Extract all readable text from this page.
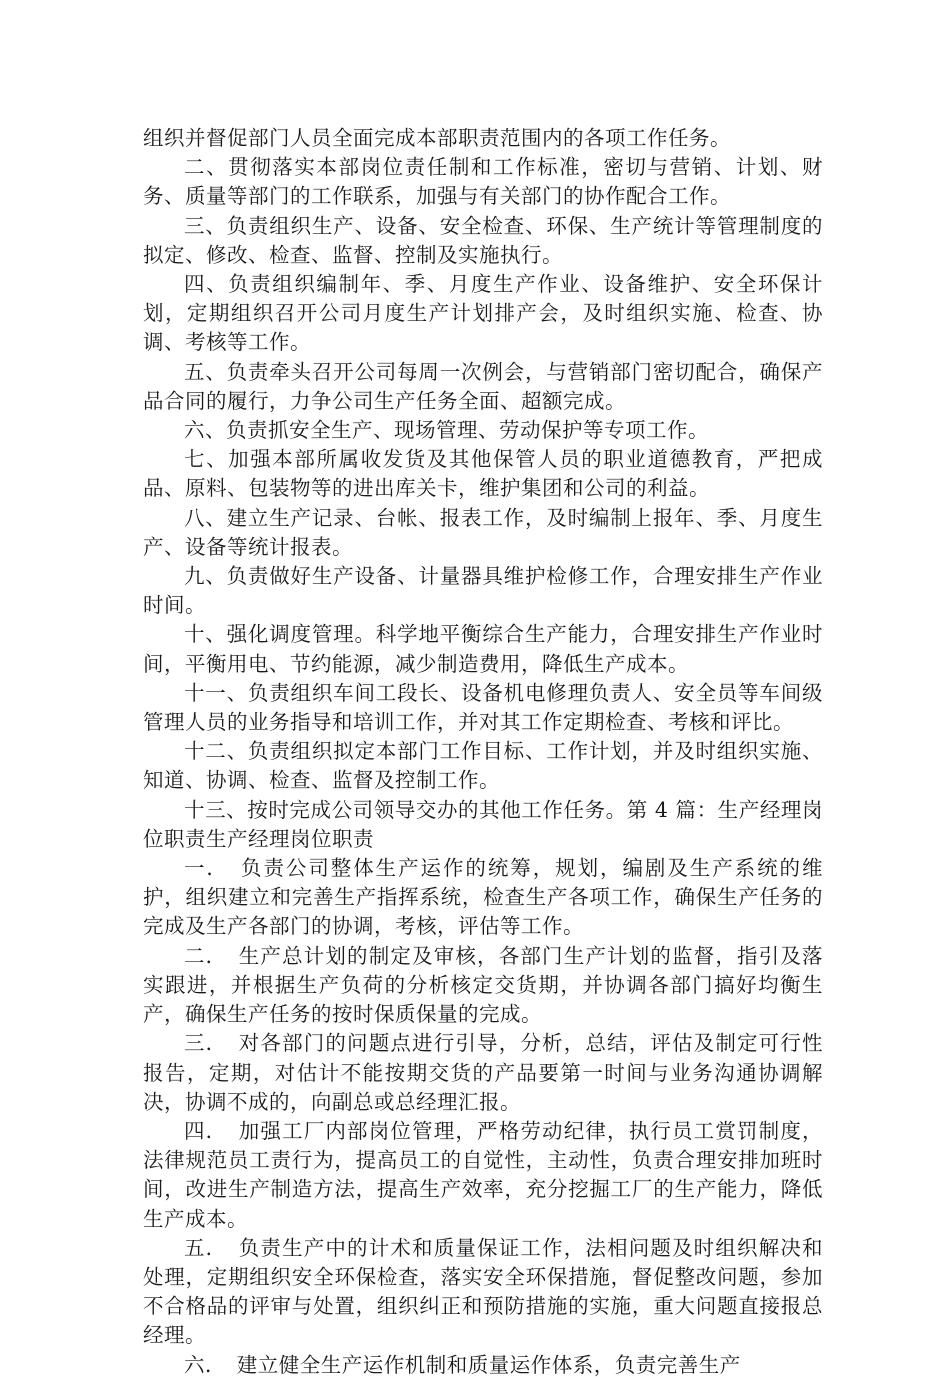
组织并督促部门人员全面完成本部职责范围内的各项工作任务。

二、贯彻落实本部岗位责任制和工作标准，密切与营销、计划、财务、质量等部门的工作联系，加强与有关部门的协作配合工作。

三、负责组织生产、设备、安全检查、环保、生产统计等管理制度的拟定、修改、检查、监督、控制及实施执行。

四、负责组织编制年、季、月度生产作业、设备维护、安全环保计划，定期组织召开公司月度生产计划排产会，及时组织实施、检查、协调、考核等工作。

五、负责牵头召开公司每周一次例会，与营销部门密切配合，确保产品合同的履行，力争公司生产任务全面、超额完成。

六、负责抓安全生产、现场管理、劳动保护等专项工作。

七、加强本部所属收发货及其他保管人员的职业道德教育，严把成品、原料、包装物等的进出库关卡，维护集团和公司的利益。

八、建立生产记录、台帐、报表工作，及时编制上报年、季、月度生产、设备等统计报表。

九、负责做好生产设备、计量器具维护检修工作，合理安排生产作业时间。

十、强化调度管理。科学地平衡综合生产能力，合理安排生产作业时间，平衡用电、节约能源，减少制造费用，降低生产成本。

十一、负责组织车间工段长、设备机电修理负责人、安全员等车间级管理人员的业务指导和培训工作，并对其工作定期检查、考核和评比。

十二、负责组织拟定本部门工作目标、工作计划，并及时组织实施、知道、协调、检查、监督及控制工作。

十三、按时完成公司领导交办的其他工作任务。第 4 篇：生产经理岗位职责生产经理岗位职责

一．　负责公司整体生产运作的统筹，规划，编剧及生产系统的维护，组织建立和完善生产指挥系统，检查生产各项工作，确保生产任务的完成及生产各部门的协调，考核，评估等工作。

二．　生产总计划的制定及审核，各部门生产计划的监督，指引及落实跟进，并根据生产负荷的分析核定交货期，并协调各部门搞好均衡生产，确保生产任务的按时保质保量的完成。

三．　对各部门的问题点进行引导，分析，总结，评估及制定可行性报告，定期，对估计不能按期交货的产品要第一时间与业务沟通协调解决，协调不成的，向副总或总经理汇报。

四．　加强工厂内部岗位管理，严格劳动纪律，执行员工赏罚制度，法律规范员工责行为，提高员工的自觉性，主动性，负责合理安排加班时间，改进生产制造方法，提高生产效率，充分挖掘工厂的生产能力，降低生产成本。

五．　负责生产中的计术和质量保证工作，法相问题及时组织解决和处理，定期组织安全环保检查，落实安全环保措施，督促整改问题，参加不合格品的评审与处置，组织纠正和预防措施的实施，重大问题直接报总经理。

六．　建立健全生产运作机制和质量运作体系，负责完善生产
